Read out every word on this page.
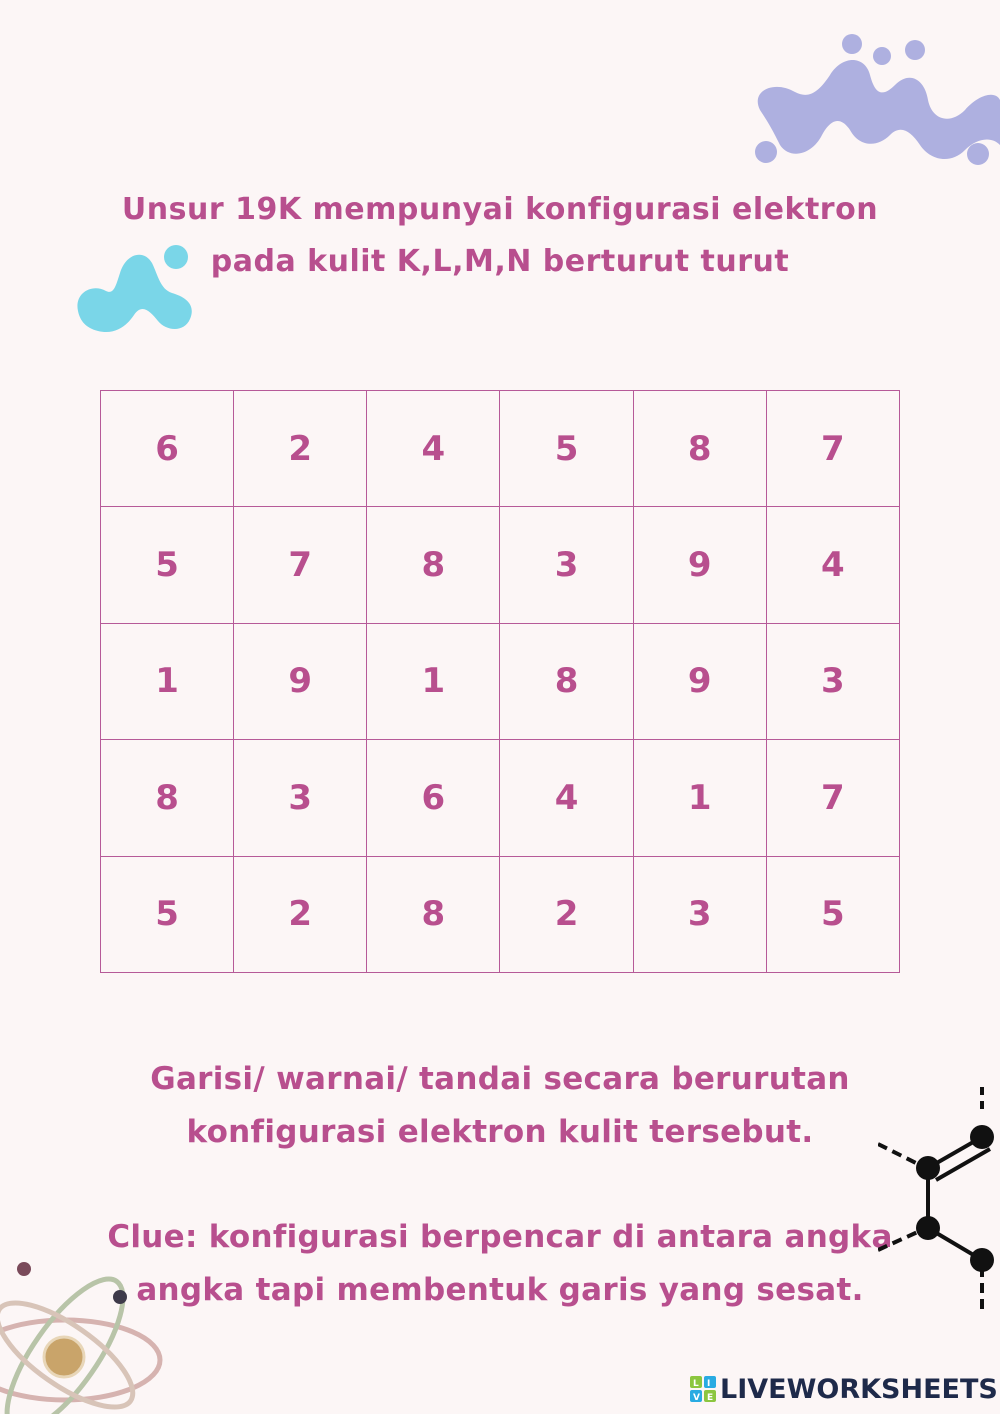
Unsur 19K mempunyai konfigurasi elektron
pada kulit K,L,M,N berturut turut
6	2	4	5	8	7
5	7	8	3	9	4
1	9	1	8	9	3
8	3	6	4	1	7
5	2	8	2	3	5
Garisi/ warnai/ tandai secara berurutan
konfigurasi elektron kulit tersebut.
Clue: konfigurasi berpencar di antara angka
angka tapi membentuk garis yang sesat.
L I
V E LIVEWORKSHEETS
